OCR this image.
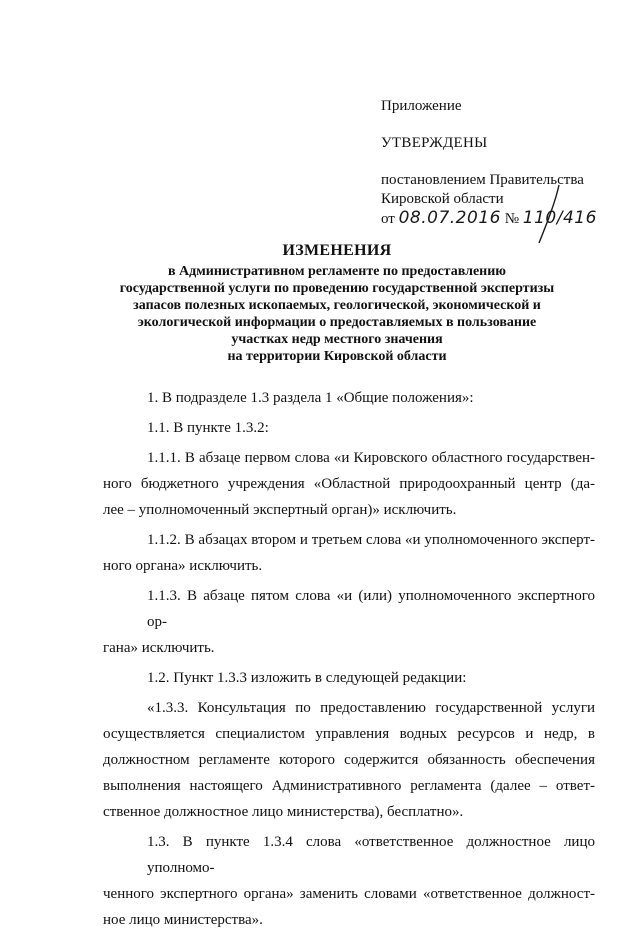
Приложение

УТВЕРЖДЕНЫ

постановлением Правительства

Кировской области

от 08.07.2016 № 110/416

ИЗМЕНЕНИЯ

в Административном регламенте по предоставлению

государственной услуги по проведению государственной экспертизы

запасов полезных ископаемых, геологической, экономической и

экологической информации о предоставляемых в пользование

участках недр местного значения

на территории Кировской области

1. В подразделе 1.3 раздела 1 «Общие положения»:
1.1. В пункте 1.3.2:
1.1.1. В абзаце первом слова «и Кировского областного государствен-
ного бюджетного учреждения «Областной природоохранный центр (да-
лее – уполномоченный экспертный орган)» исключить.
1.1.2. В абзацах втором и третьем слова «и уполномоченного эксперт-
ного органа» исключить.
1.1.3. В абзаце пятом слова «и (или) уполномоченного экспертного ор-
гана» исключить.
1.2. Пункт 1.3.3 изложить в следующей редакции:
«1.3.3. Консультация по предоставлению государственной услуги
осуществляется специалистом управления водных ресурсов и недр, в
должностном регламенте которого содержится обязанность обеспечения
выполнения настоящего Административного регламента (далее – ответ-
ственное должностное лицо министерства), бесплатно».
1.3. В пункте 1.3.4 слова «ответственное должностное лицо уполномо-
ченного экспертного органа» заменить словами «ответственное должност-
ное лицо министерства».
